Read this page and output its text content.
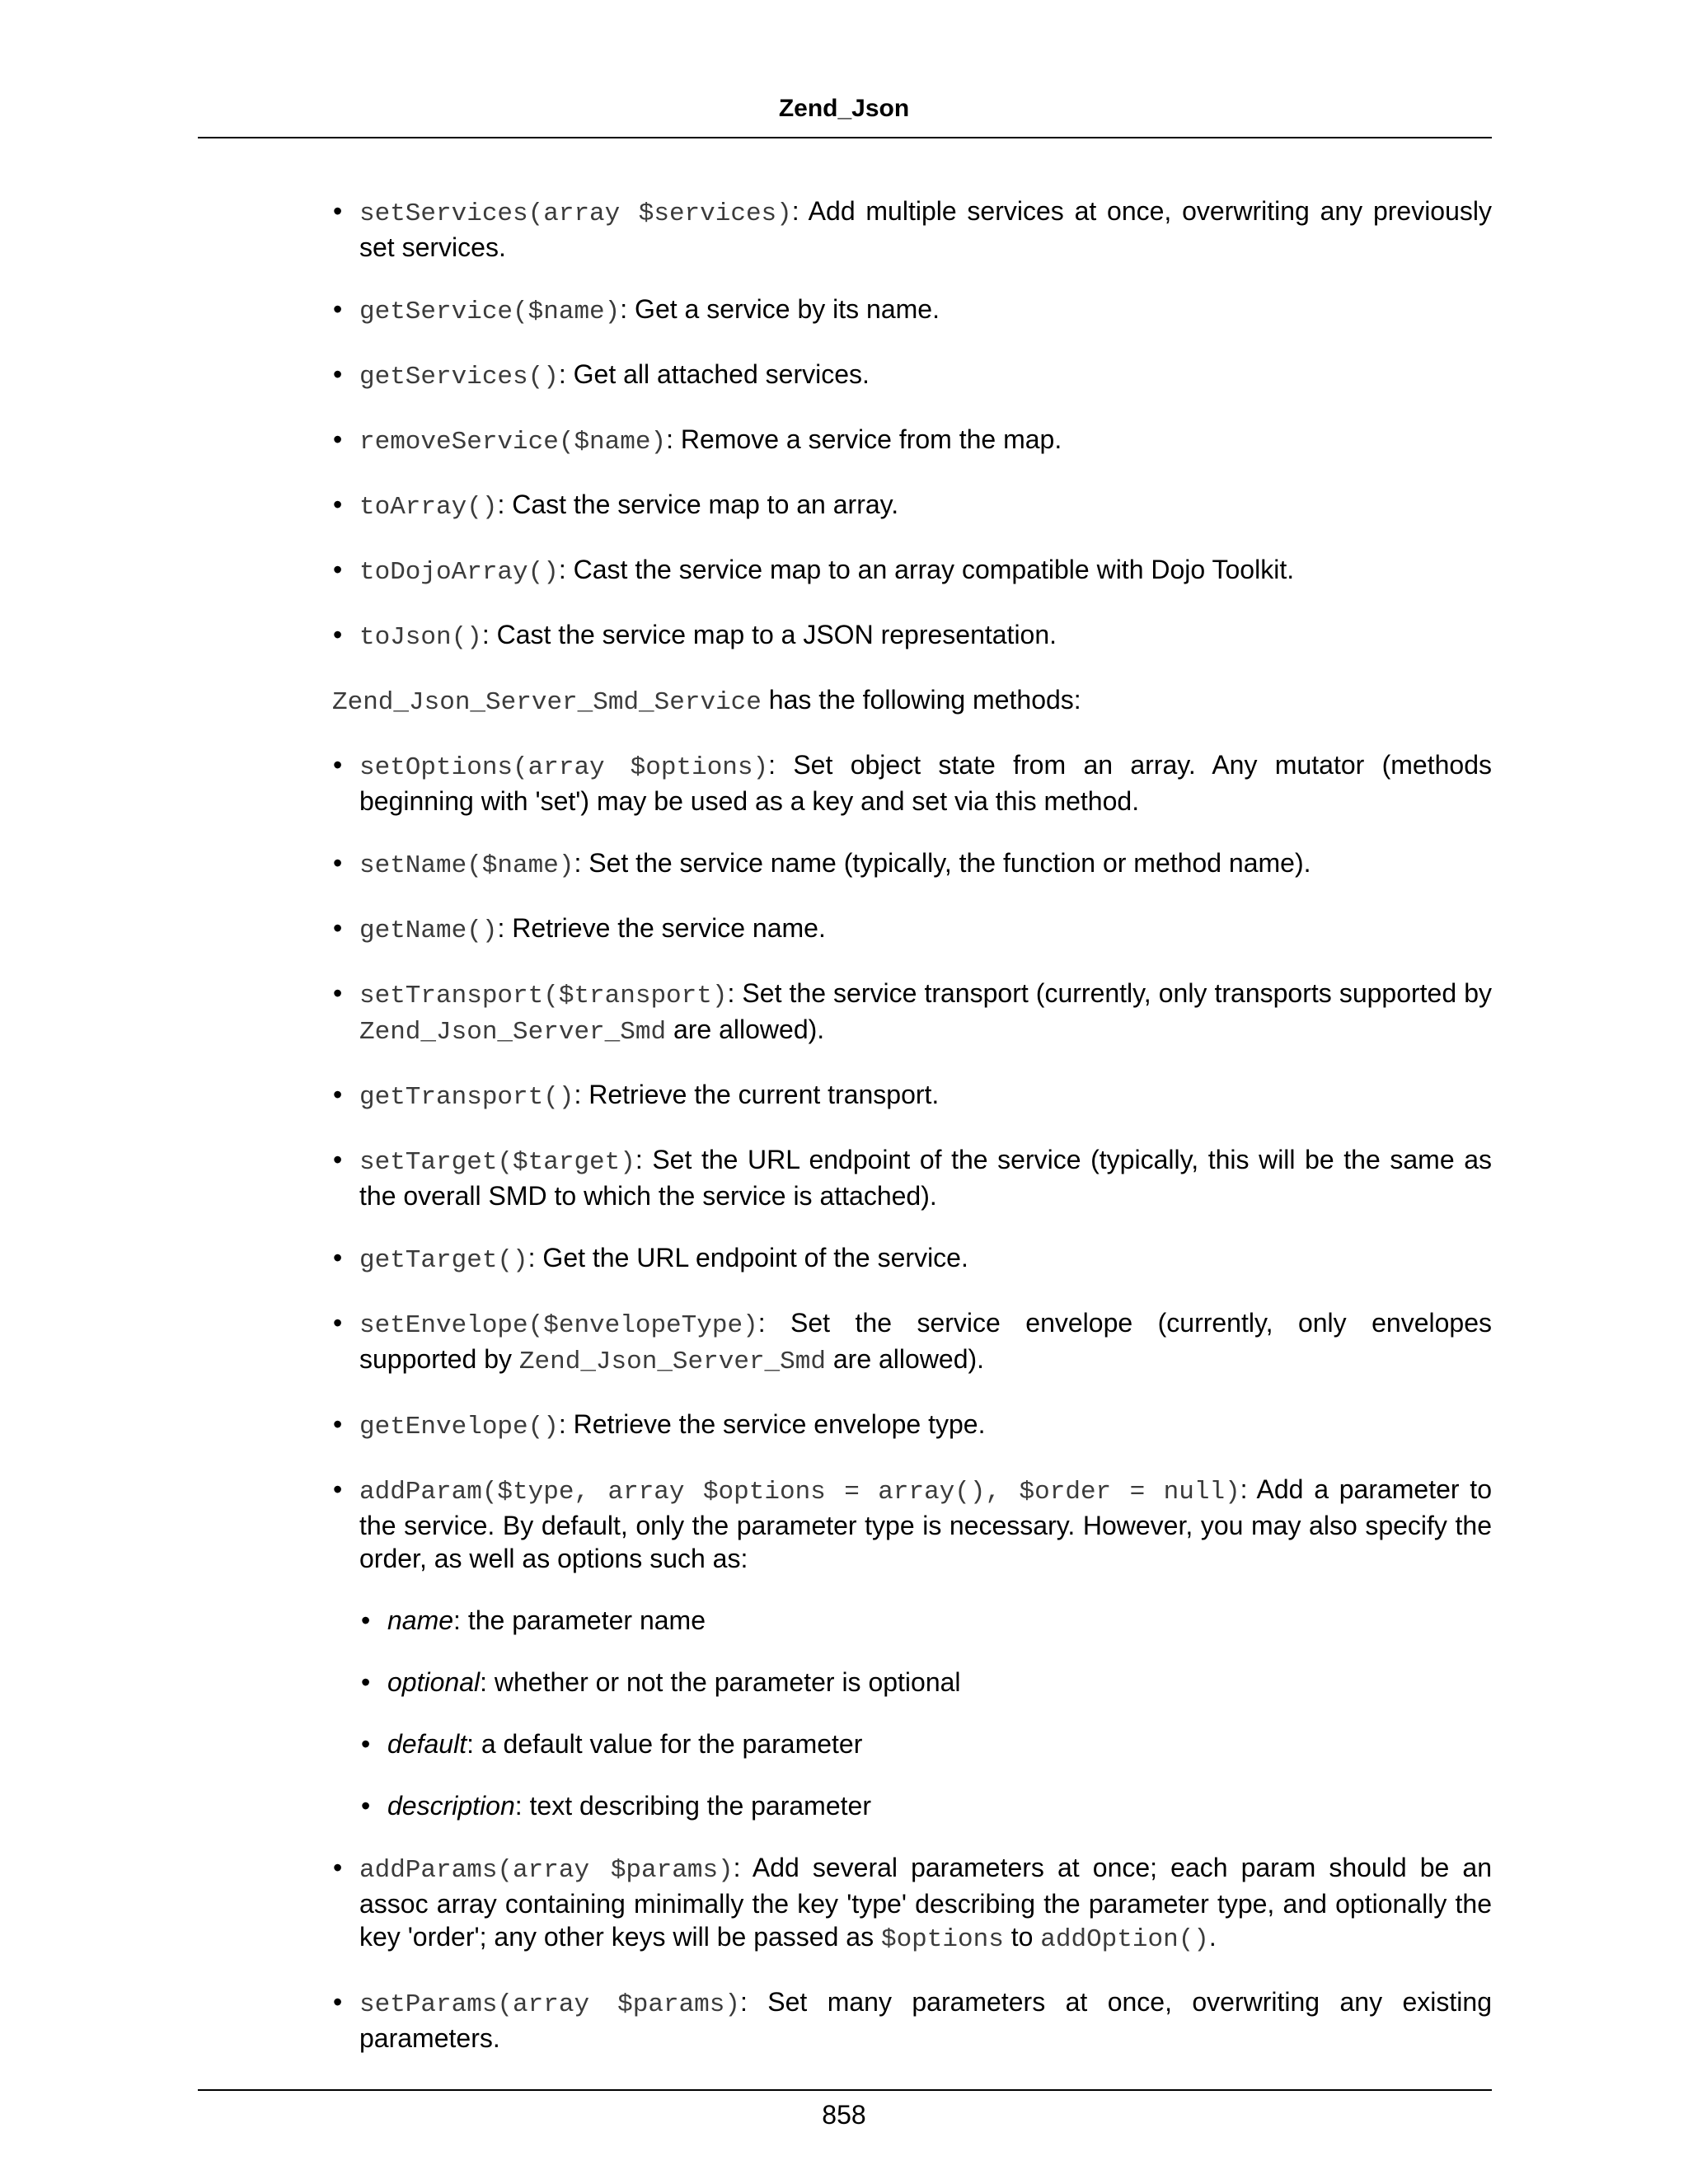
Zend_Json
• setServices(array $services): Add multiple services at once, overwriting any previously set services.
• getService($name): Get a service by its name.
• getServices(): Get all attached services.
• removeService($name): Remove a service from the map.
• toArray(): Cast the service map to an array.
• toDojoArray(): Cast the service map to an array compatible with Dojo Toolkit.
• toJson(): Cast the service map to a JSON representation.

Zend_Json_Server_Smd_Service has the following methods:

• setOptions(array $options): Set object state from an array. Any mutator (methods beginning with 'set') may be used as a key and set via this method.
• setName($name): Set the service name (typically, the function or method name).
• getName(): Retrieve the service name.
• setTransport($transport): Set the service transport (currently, only transports supported by Zend_Json_Server_Smd are allowed).
• getTransport(): Retrieve the current transport.
• setTarget($target): Set the URL endpoint of the service (typically, this will be the same as the overall SMD to which the service is attached).
• getTarget(): Get the URL endpoint of the service.
• setEnvelope($envelopeType): Set the service envelope (currently, only envelopes supported by Zend_Json_Server_Smd are allowed).
• getEnvelope(): Retrieve the service envelope type.
• addParam($type, array $options = array(), $order = null): Add a parameter to the service. By default, only the parameter type is necessary. However, you may also specify the order, as well as options such as:
• name: the parameter name
• optional: whether or not the parameter is optional
• default: a default value for the parameter
• description: text describing the parameter
• addParams(array $params): Add several parameters at once; each param should be an assoc array containing minimally the key 'type' describing the parameter type, and optionally the key 'order'; any other keys will be passed as $options to addOption().
• setParams(array $params): Set many parameters at once, overwriting any existing parameters.
858
